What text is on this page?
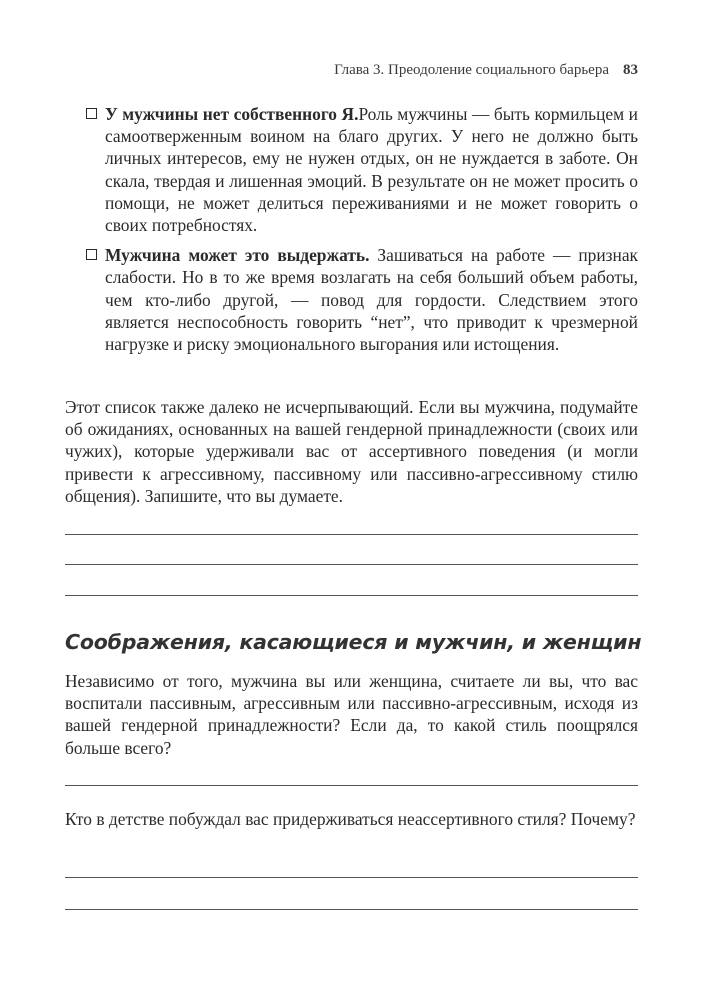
Глава 3. Преодоление социального барьера 83
У мужчины нет собственного Я.Роль мужчины — быть кормильцем и самоотверженным воином на благо других. У него не должно быть личных интересов, ему не нужен отдых, он не нуждается в заботе. Он скала, твердая и лишенная эмоций. В результате он не может просить о помощи, не может делиться переживаниями и не может говорить о своих потребностях.
Мужчина может это выдержать. Зашиваться на работе — признак слабости. Но в то же время возлагать на себя больший объем работы, чем кто-либо другой, — повод для гордости. Следствием этого является неспособность говорить “нет”, что приводит к чрезмерной нагрузке и риску эмоционального выгорания или истощения.

Этот список также далеко не исчерпывающий. Если вы мужчина, подумайте об ожиданиях, основанных на вашей гендерной принадлежности (своих или чужих), которые удерживали вас от ассертивного поведения (и могли привести к агрессивному, пассивному или пассивно-агрессивному стилю общения). Запишите, что вы думаете.

Соображения, касающиеся и мужчин, и женщин

Независимо от того, мужчина вы или женщина, считаете ли вы, что вас воспитали пассивным, агрессивным или пассивно-агрессивным, исходя из вашей гендерной принадлежности? Если да, то какой стиль поощрялся больше всего?

Кто в детстве побуждал вас придерживаться неассертивного стиля? Почему?
